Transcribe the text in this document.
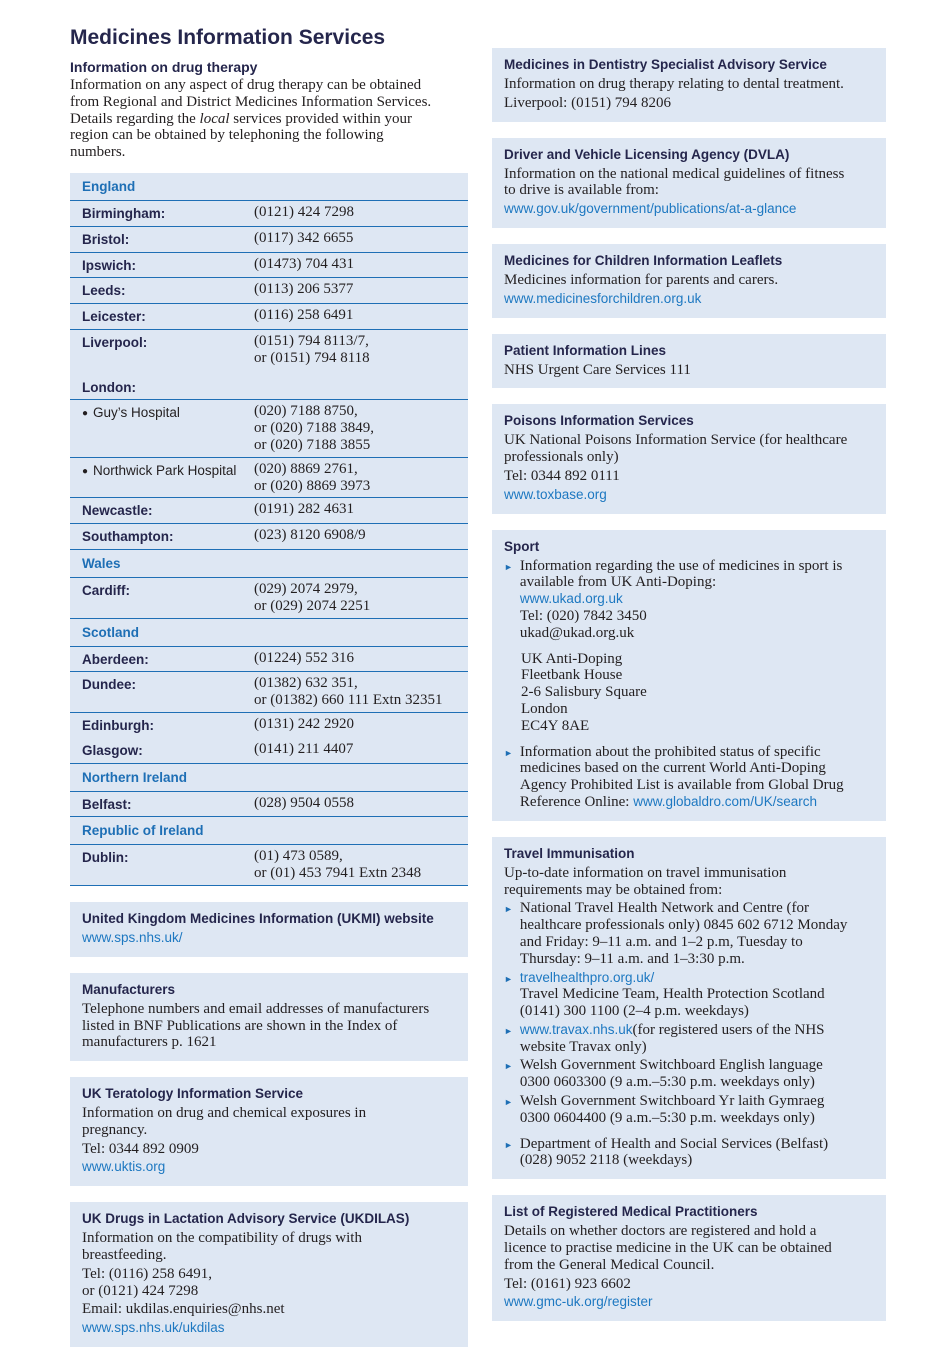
Medicines Information Services
Information on drug therapy
Information on any aspect of drug therapy can be obtained
from Regional and District Medicines Information Services.
Details regarding the local services provided within your
region can be obtained by telephoning the following
numbers.
England
Birmingham:	(0121) 424 7298
Bristol:	(0117) 342 6655
Ipswich:	(01473) 704 431
Leeds:	(0113) 206 5377
Leicester:	(0116) 258 6491
Liverpool:	(0151) 794 8113/7,
or (0151) 794 8118
London:
● Guy’s Hospital	(020) 7188 8750,
or (020) 7188 3849,
or (020) 7188 3855
● Northwick Park Hospital	(020) 8869 2761,
or (020) 8869 3973
Newcastle:	(0191) 282 4631
Southampton:	(023) 8120 6908/9
Wales
Cardiff:	(029) 2074 2979,
or (029) 2074 2251
Scotland
Aberdeen:	(01224) 552 316
Dundee:	(01382) 632 351,
or (01382) 660 111 Extn 32351
Edinburgh:	(0131) 242 2920
Glasgow:	(0141) 211 4407
Northern Ireland
Belfast:	(028) 9504 0558
Republic of Ireland
Dublin:	(01) 473 0589,
or (01) 453 7941 Extn 2348
United Kingdom Medicines Information (UKMI) website
www.sps.nhs.uk/
Manufacturers
Telephone numbers and email addresses of manufacturers
listed in BNF Publications are shown in the Index of
manufacturers p. 1621
UK Teratology Information Service
Information on drug and chemical exposures in
pregnancy.
Tel: 0344 892 0909
www.uktis.org
UK Drugs in Lactation Advisory Service (UKDILAS)
Information on the compatibility of drugs with
breastfeeding.
Tel: (0116) 258 6491,
or (0121) 424 7298
Email: ukdilas.enquiries@nhs.net
www.sps.nhs.uk/ukdilas
Medicines in Dentistry Specialist Advisory Service
Information on drug therapy relating to dental treatment.
Liverpool: (0151) 794 8206
Driver and Vehicle Licensing Agency (DVLA)
Information on the national medical guidelines of fitness
to drive is available from:
www.gov.uk/government/publications/at-a-glance
Medicines for Children Information Leaflets
Medicines information for parents and carers.
www.medicinesforchildren.org.uk
Patient Information Lines
NHS Urgent Care Services 111
Poisons Information Services
UK National Poisons Information Service (for healthcare
professionals only)
Tel: 0344 892 0111
www.toxbase.org
Sport
► Information regarding the use of medicines in sport is
available from UK Anti-Doping:
www.ukad.org.uk
Tel: (020) 7842 3450
ukad@ukad.org.uk
UK Anti-Doping
Fleetbank House
2-6 Salisbury Square
London
EC4Y 8AE
► Information about the prohibited status of specific
medicines based on the current World Anti-Doping
Agency Prohibited List is available from Global Drug
Reference Online: www.globaldro.com/UK/search
Travel Immunisation
Up-to-date information on travel immunisation
requirements may be obtained from:
► National Travel Health Network and Centre (for
healthcare professionals only) 0845 602 6712 Monday
and Friday: 9–11 a.m. and 1–2 p.m, Tuesday to
Thursday: 9–11 a.m. and 1–3:30 p.m.
► travelhealthpro.org.uk/
Travel Medicine Team, Health Protection Scotland
(0141) 300 1100 (2–4 p.m. weekdays)
► www.travax.nhs.uk(for registered users of the NHS
website Travax only)
► Welsh Government Switchboard English language
0300 0603300 (9 a.m.–5:30 p.m. weekdays only)
► Welsh Government Switchboard Yr laith Gymraeg
0300 0604400 (9 a.m.–5:30 p.m. weekdays only)
► Department of Health and Social Services (Belfast)
(028) 9052 2118 (weekdays)
List of Registered Medical Practitioners
Details on whether doctors are registered and hold a
licence to practise medicine in the UK can be obtained
from the General Medical Council.
Tel: (0161) 923 6602
www.gmc-uk.org/register
